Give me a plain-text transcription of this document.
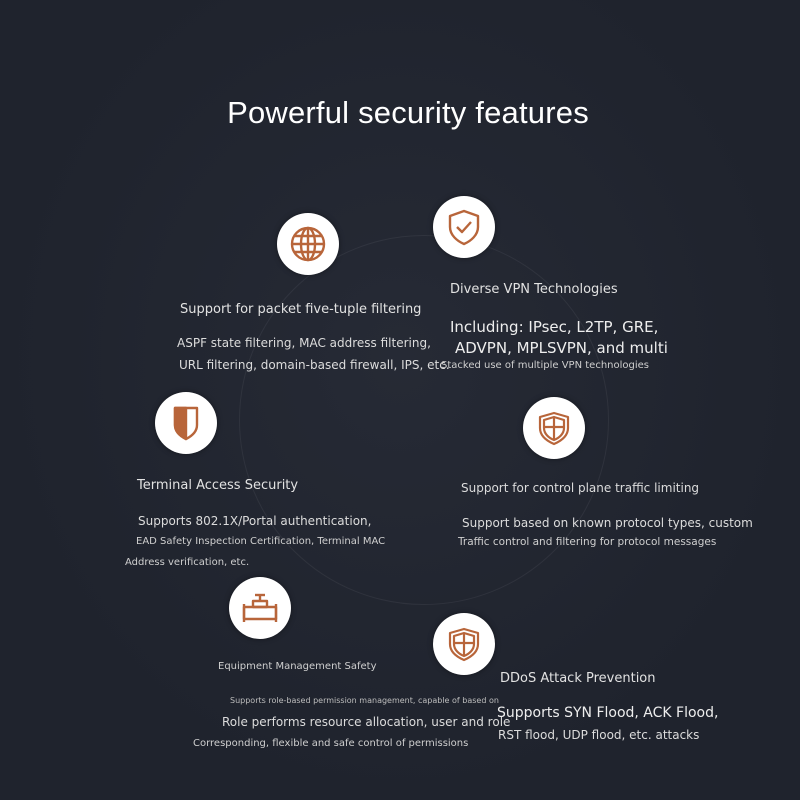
Powerful security features
Support for packet five-tuple filtering
ASPF state filtering, MAC address filtering,
URL filtering, domain-based firewall, IPS, etc.
Diverse VPN Technologies
Including: IPsec, L2TP, GRE,
ADVPN, MPLSVPN, and multi
Stacked use of multiple VPN technologies
Terminal Access Security
Supports 802.1X/Portal authentication,
EAD Safety Inspection Certification, Terminal MAC
Address verification, etc.
Support for control plane traffic limiting
Support based on known protocol types, custom
Traffic control and filtering for protocol messages
Equipment Management Safety
Supports role-based permission management, capable of based on
Role performs resource allocation, user and role
Corresponding, flexible and safe control of permissions
DDoS Attack Prevention
Supports SYN Flood, ACK Flood,
RST flood, UDP flood, etc. attacks
